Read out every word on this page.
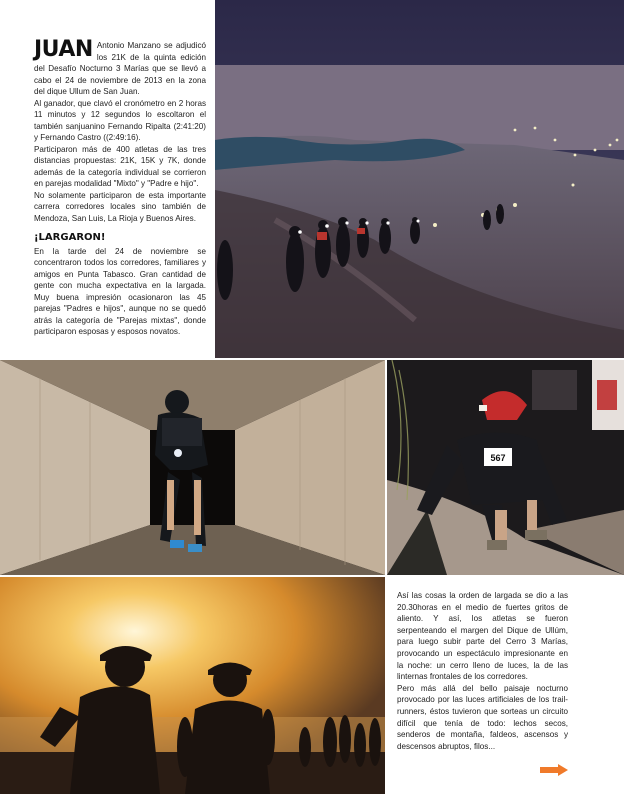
JUAN Antonio Manzano se adjudicó los 21K de la quinta edición del Desafío Nocturno 3 Marías que se llevó a cabo el 24 de noviembre de 2013 en la zona del dique Ullum de San Juan.

Al ganador, que clavó el cronómetro en 2 horas 11 minutos y 12 segundos lo escoltaron el también sanjuanino Fernando Ripalta (2:41:20) y Fernando Castro ((2:49:16).

Participaron más de 400 atletas de las tres distancias propuestas: 21K, 15K y 7K, donde además de la categoría individual se corrieron en parejas modalidad "Mixto" y "Padre e hijo".

No solamente participaron de esta importante carrera corredores locales sino también de Mendoza, San Luis, La Rioja y Buenos Aires.

¡LARGARON!

En la tarde del 24 de noviembre se concentraron todos los corredores, familiares y amigos en Punta Tabasco. Gran cantidad de gente con mucha expectativa en la largada. Muy buena impresión ocasionaron las 45 parejas "Padres e hijos", aunque no se quedó atrás la categoría de "Parejas mixtas", donde participaron esposas y esposos novatos.

567

Así las cosas la orden de largada se dio a las 20.30horas en el medio de fuertes gritos de aliento. Y así, los atletas se fueron serpenteando el margen del Dique de Ullúm, para luego subir parte del Cerro 3 Marías, provocando un espectáculo impresionante en la noche: un cerro lleno de luces, la de las linternas frontales de los corredores.

Pero más allá del bello paisaje nocturno provocado por las luces artificiales de los trail-runners, éstos tuvieron que sorteas un circuito difícil que tenía de todo: lechos secos, senderos de montaña, faldeos, ascensos y descensos abruptos, filos...
